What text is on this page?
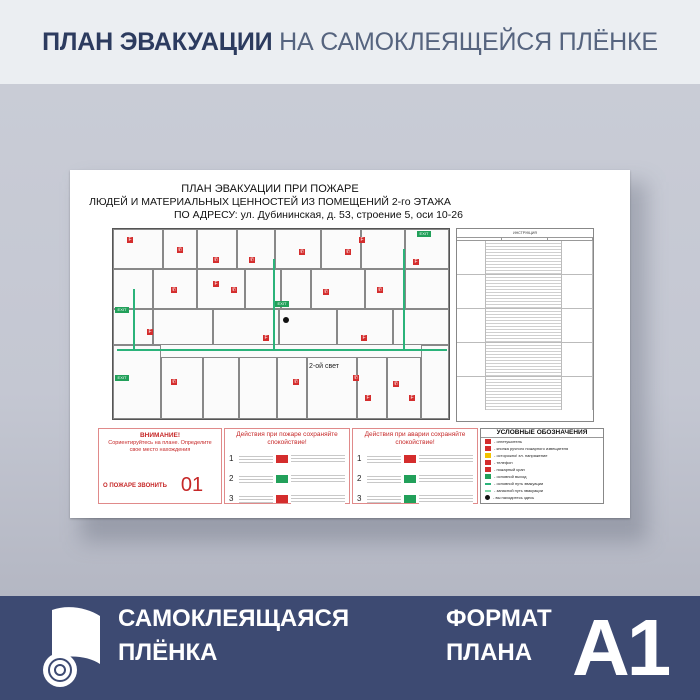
ПЛАН ЭВАКУАЦИИ НА САМОКЛЕЯЩЕЙСЯ ПЛЁНКЕ
ПЛАН ЭВАКУАЦИИ ПРИ ПОЖАРЕ
ЛЮДЕЙ И МАТЕРИАЛЬНЫХ ЦЕННОСТЕЙ ИЗ ПОМЕЩЕНИЙ 2-го ЭТАЖА
ПО АДРЕСУ: ул. Дубининская, д. 53, строение 5, оси 10-26
F
✆
✆	✆
✆	✆
F
F
✆
F
✆	✆	✆
F
F	F
✆	✆
✆
✆
F
F
EXIT
EXIT
EXIT
EXIT
2-ой свет
ИНСТРУКЦИЯ
ВНИМАНИЕ!
Сориентируйтесь на плане. Определите свое место нахождения
О ПОЖАРЕ ЗВОНИТЬ 01
Действия при пожаре сохраняйте спокойствие!
1
2
3
Действия при аварии сохраняйте спокойствие!
1
2
3
УСЛОВНЫЕ ОБОЗНАЧЕНИЯ
- огнетушитель
- кнопка ручного пожарного извещателя
- осторожно! эл. напряжение
- телефон
- пожарный кран
- основной выход
- основной путь эвакуации
- запасной путь эвакуации
- вы находитесь здесь
САМОКЛЕЯЩАЯСЯ
ПЛЁНКА
ФОРМАТ
ПЛАНА A1
